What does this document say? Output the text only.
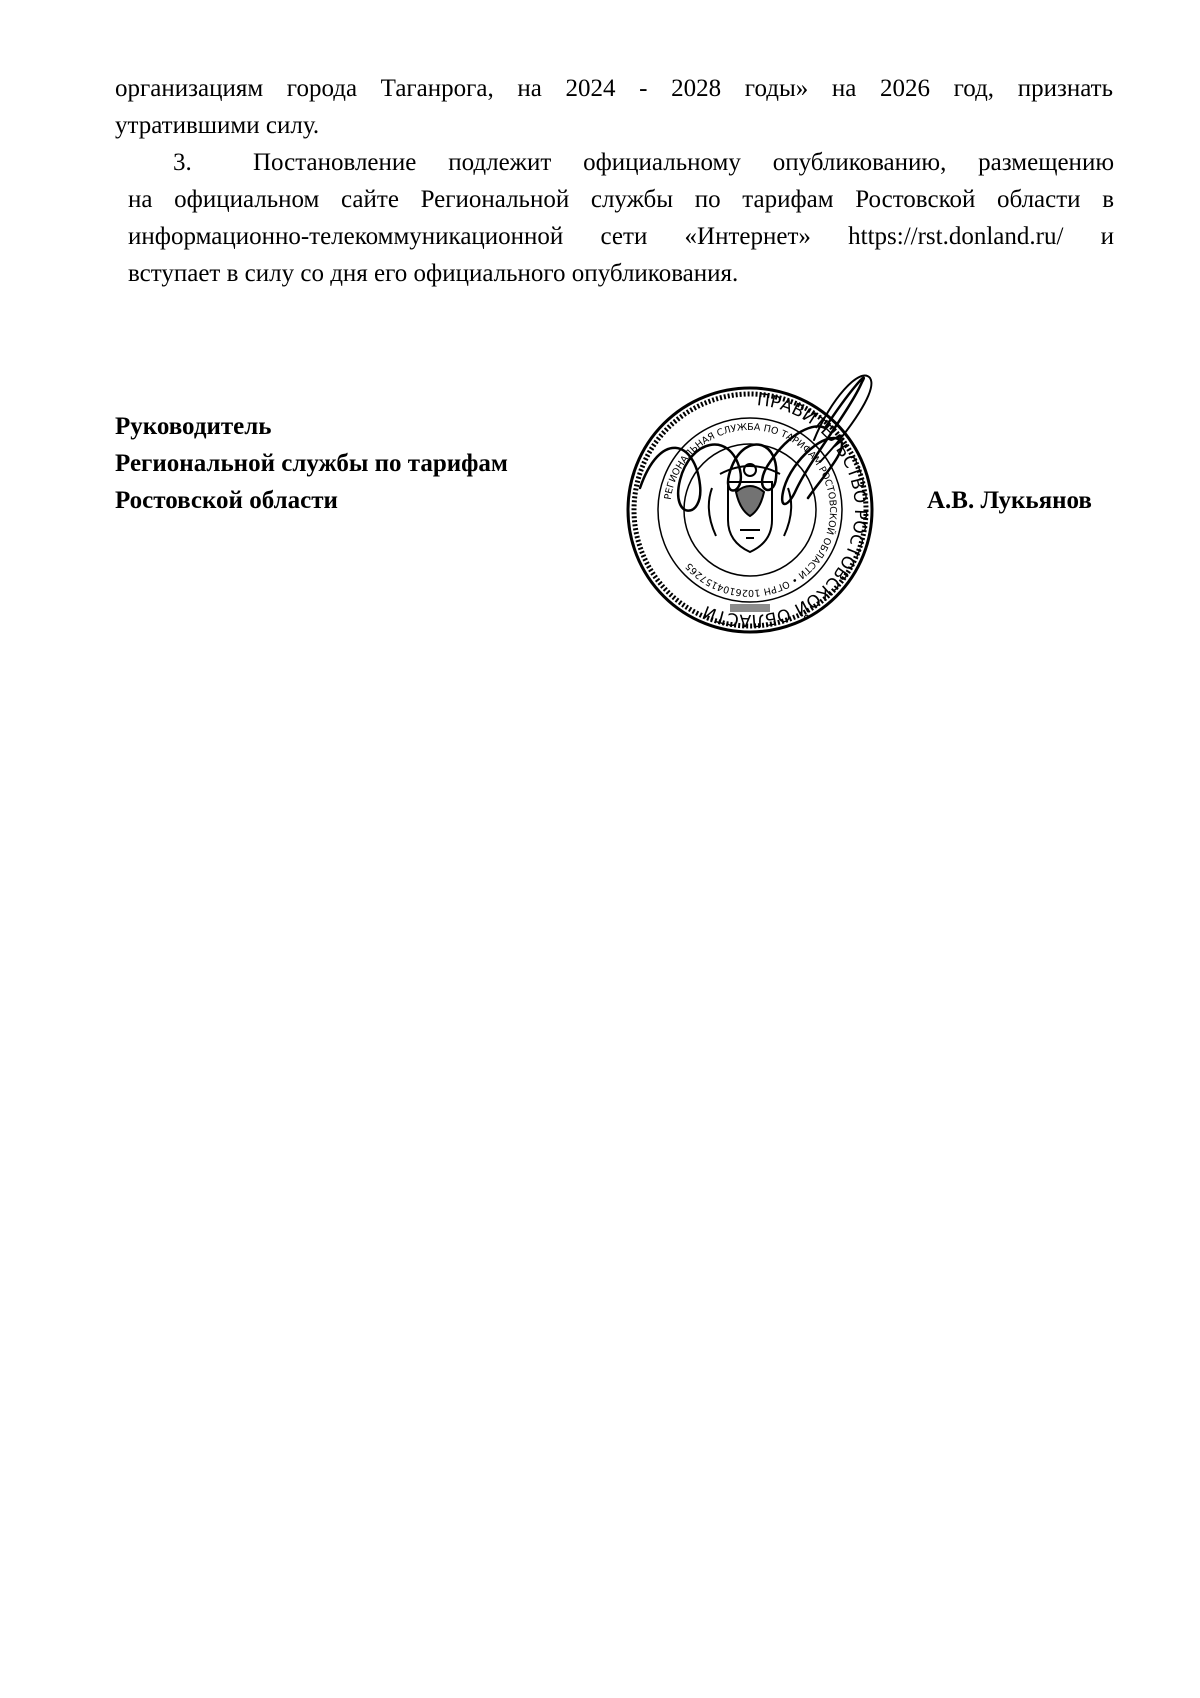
организациям города Таганрога, на 2024 - 2028 годы» на 2026 год, признать
утратившими силу.
3. Постановление подлежит официальному опубликованию, размещению
на официальном сайте Региональной службы по тарифам Ростовской области в
информационно-телекоммуникационной сети «Интернет» https://rst.donland.ru/ и
вступает в силу со дня его официального опубликования.
Руководитель
Региональной службы по тарифам
Ростовской области	А.В. Лукьянов
ПРАВИТЕЛЬСТВО РОСТОВСКОЙ ОБЛАСТИ
РЕГИОНАЛЬНАЯ СЛУЖБА ПО ТАРИФАМ РОСТОВСКОЙ ОБЛАСТИ • ОГРН 1026104157265
